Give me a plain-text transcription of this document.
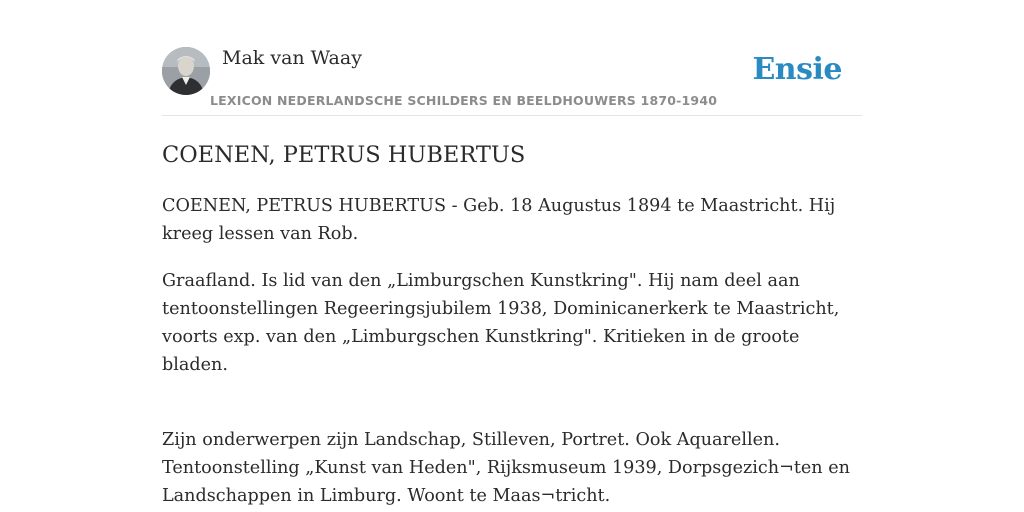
Mak van Waay
LEXICON NEDERLANDSCHE SCHILDERS EN BEELDHOUWERS 1870-1940
Ensie
COENEN, PETRUS HUBERTUS

COENEN, PETRUS HUBERTUS - Geb. 18 Augustus 1894 te Maastricht. Hij kreeg lessen van Rob.

Graafland. Is lid van den „Limburgschen Kunstkring". Hij nam deel aan tentoonstellingen Regeeringsjubilem 1938, Dominicanerkerk te Maastricht, voorts exp. van den „Limburgschen Kunstkring". Kritieken in de groote bladen.

Zijn onderwerpen zijn Landschap, Stilleven, Portret. Ook Aquarellen. Tentoonstelling „Kunst van Heden", Rijksmuseum 1939, Dorpsgezich¬ten en Landschappen in Limburg. Woont te Maas¬tricht.
